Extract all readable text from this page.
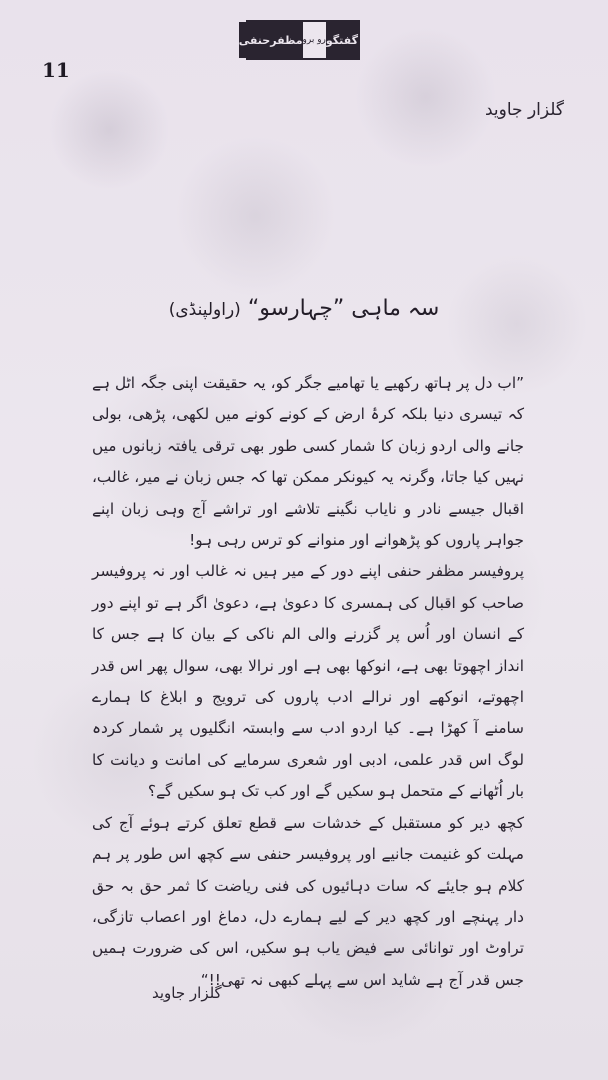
گفتگو
رو برو
مظفرحنفی
11
گلزار جاوید
سہ ماہی ”چہارسو“ (راولپنڈی)

”اب دل پر ہاتھ رکھیے یا تھامیے جگر کو، یہ حقیقت اپنی جگہ اٹل ہے کہ تیسری دنیا بلکہ کرۂ ارض کے کونے کونے میں لکھی، پڑھی، بولی جانے والی اردو زبان کا شمار کسی طور بھی ترقی یافتہ زبانوں میں نہیں کیا جاتا، وگرنہ یہ کیونکر ممکن تھا کہ جس زبان نے میر، غالب، اقبال جیسے نادر و نایاب نگینے تلاشے اور تراشے آج وہی زبان اپنے جواہر پاروں کو پڑھوانے اور منوانے کو ترس رہی ہو!

پروفیسر مظفر حنفی اپنے دور کے میر ہیں نہ غالب اور نہ پروفیسر صاحب کو اقبال کی ہمسری کا دعویٰ ہے، دعویٰ اگر ہے تو اپنے دور کے انسان اور اُس پر گزرنے والی الم ناکی کے بیان کا ہے جس کا انداز اچھوتا بھی ہے، انوکھا بھی ہے اور نرالا بھی، سوال پھر اس قدر اچھوتے، انوکھے اور نرالے ادب پاروں کی ترویج و ابلاغ کا ہمارے سامنے آ کھڑا ہے۔ کیا اردو ادب سے وابستہ انگلیوں پر شمار کردہ لوگ اس قدر علمی، ادبی اور شعری سرمایے کی امانت و دیانت کا بار اُٹھانے کے متحمل ہو سکیں گے اور کب تک ہو سکیں گے؟

کچھ دیر کو مستقبل کے خدشات سے قطع تعلق کرتے ہوئے آج کی مہلت کو غنیمت جانیے اور پروفیسر حنفی سے کچھ اس طور پر ہم کلام ہو جایئے کہ سات دہائیوں کی فنی ریاضت کا ثمر حق بہ حق دار پہنچے اور کچھ دیر کے لیے ہمارے دل، دماغ اور اعصاب تازگی، تراوٹ اور توانائی سے فیض یاب ہو سکیں، اس کی ضرورت ہمیں جس قدر آج ہے شاید اس سے پہلے کبھی نہ تھی!!“

گلزار جاوید
